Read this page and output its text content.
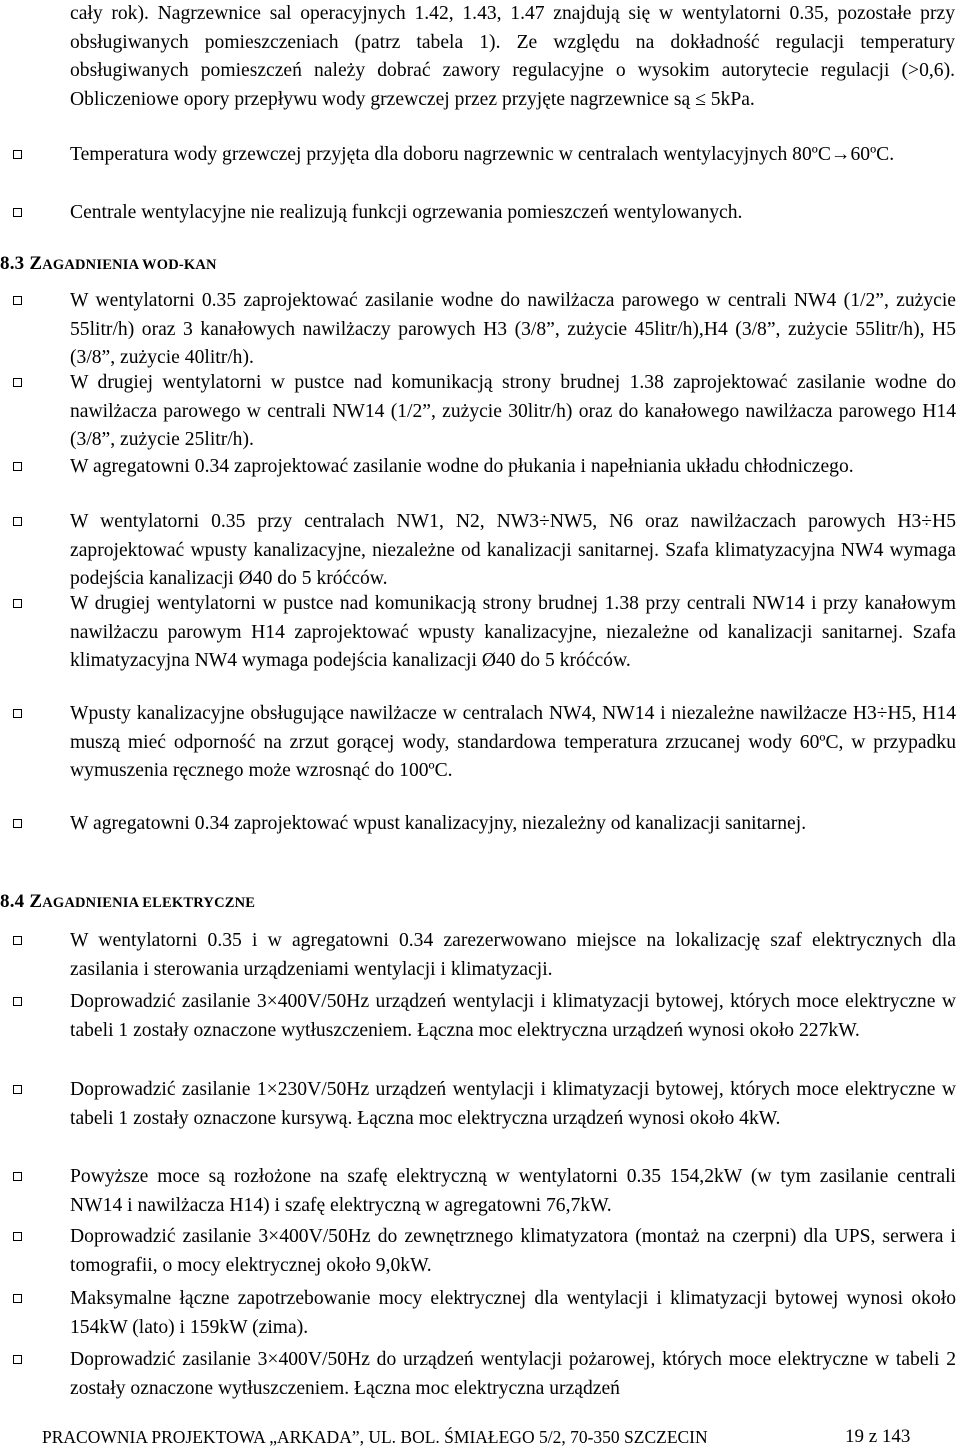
cały rok). Nagrzewnice sal operacyjnych 1.42, 1.43, 1.47 znajdują się w wentylatorni 0.35, pozostałe przy obsługiwanych pomieszczeniach (patrz tabela 1). Ze względu na dokładność regulacji temperatury obsługiwanych pomieszczeń należy dobrać zawory regulacyjne o wysokim autorytecie regulacji (>0,6). Obliczeniowe opory przepływu wody grzewczej przez przyjęte nagrzewnice są ≤ 5kPa.
Temperatura wody grzewczej przyjęta dla doboru nagrzewnic w centralach wentylacyjnych 80ºC→60ºC.
Centrale wentylacyjne nie realizują funkcji ogrzewania pomieszczeń wentylowanych.
8.3 ZAGADNIENIA WOD-KAN
W wentylatorni 0.35 zaprojektować zasilanie wodne do nawilżacza parowego w centrali NW4 (1/2”, zużycie 55litr/h) oraz 3 kanałowych nawilżaczy parowych H3 (3/8”, zużycie 45litr/h),H4 (3/8”, zużycie 55litr/h), H5 (3/8”, zużycie 40litr/h).
W drugiej wentylatorni w pustce nad komunikacją strony brudnej 1.38 zaprojektować zasilanie wodne do nawilżacza parowego w centrali NW14 (1/2”, zużycie 30litr/h) oraz do kanałowego nawilżacza parowego H14 (3/8”, zużycie 25litr/h).
W agregatowni 0.34 zaprojektować zasilanie wodne do płukania i napełniania układu chłodniczego.
W wentylatorni 0.35 przy centralach NW1, N2, NW3÷NW5, N6 oraz nawilżaczach parowych H3÷H5 zaprojektować wpusty kanalizacyjne, niezależne od kanalizacji sanitarnej. Szafa klimatyzacyjna NW4 wymaga podejścia kanalizacji Ø40 do 5 króćców.
W drugiej wentylatorni w pustce nad komunikacją strony brudnej 1.38 przy centrali NW14 i przy kanałowym nawilżaczu parowym H14 zaprojektować wpusty kanalizacyjne, niezależne od kanalizacji sanitarnej. Szafa klimatyzacyjna NW4 wymaga podejścia kanalizacji Ø40 do 5 króćców.
Wpusty kanalizacyjne obsługujące nawilżacze w centralach NW4, NW14 i niezależne nawilżacze H3÷H5, H14 muszą mieć odporność na zrzut gorącej wody, standardowa temperatura zrzucanej wody 60ºC, w przypadku wymuszenia ręcznego może wzrosnąć do 100ºC.
W agregatowni 0.34 zaprojektować wpust kanalizacyjny, niezależny od kanalizacji sanitarnej.
8.4 ZAGADNIENIA ELEKTRYCZNE
W wentylatorni 0.35 i w agregatowni 0.34 zarezerwowano miejsce na lokalizację szaf elektrycznych dla zasilania i sterowania urządzeniami wentylacji i klimatyzacji.
Doprowadzić zasilanie 3×400V/50Hz urządzeń wentylacji i klimatyzacji bytowej, których moce elektryczne w tabeli 1 zostały oznaczone wytłuszczeniem. Łączna moc elektryczna urządzeń wynosi około 227kW.
Doprowadzić zasilanie 1×230V/50Hz urządzeń wentylacji i klimatyzacji bytowej, których moce elektryczne w tabeli 1 zostały oznaczone kursywą. Łączna moc elektryczna urządzeń wynosi około 4kW.
Powyższe moce są rozłożone na szafę elektryczną w wentylatorni 0.35 154,2kW (w tym zasilanie centrali NW14 i nawilżacza H14) i szafę elektryczną w agregatowni 76,7kW.
Doprowadzić zasilanie 3×400V/50Hz do zewnętrznego klimatyzatora (montaż na czerpni) dla UPS, serwera i tomografii, o mocy elektrycznej około 9,0kW.
Maksymalne łączne zapotrzebowanie mocy elektrycznej dla wentylacji i klimatyzacji bytowej wynosi około 154kW (lato) i 159kW (zima).
Doprowadzić zasilanie 3×400V/50Hz do urządzeń wentylacji pożarowej, których moce elektryczne w tabeli 2 zostały oznaczone wytłuszczeniem. Łączna moc elektryczna urządzeń
PRACOWNIA PROJEKTOWA „ARKADA”, UL. BOL. ŚMIAŁEGO 5/2, 70-350 SZCZECIN	19 z 143
